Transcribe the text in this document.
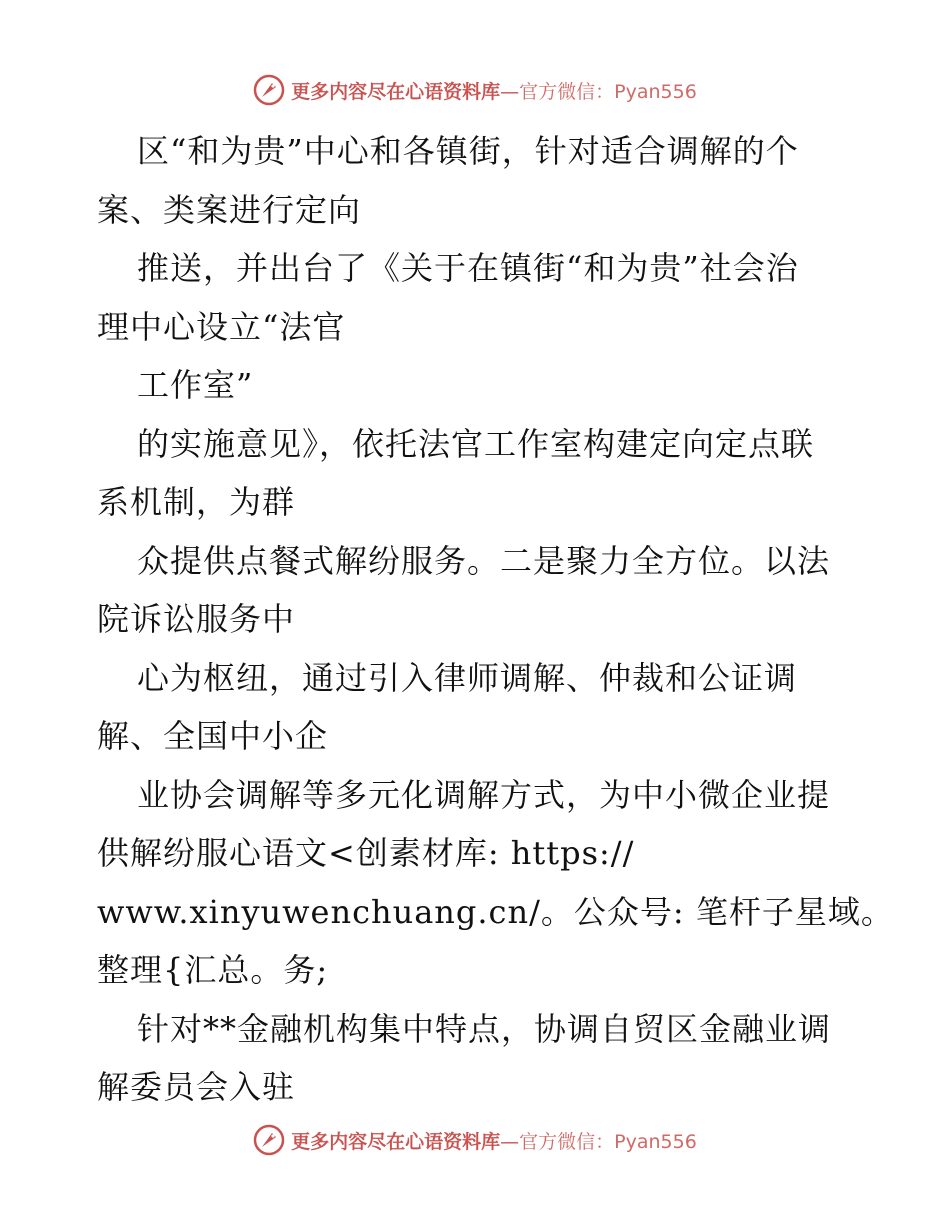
更多内容尽在心语资料库—官方微信：Pyan556
区“和为贵”中心和各镇街，针对适合调解的个
案、类案进行定向
推送，并出台了《关于在镇街“和为贵”社会治
理中心设立“法官
工作室”
的实施意见》，依托法官工作室构建定向定点联
系机制，为群
众提供点餐式解纷服务。二是聚力全方位。以法
院诉讼服务中
心为枢纽，通过引入律师调解、仲裁和公证调
解、全国中小企
业协会调解等多元化调解方式，为中小微企业提
供解纷服心语文<创素材库: https://
www.xinyuwenchuang.cn/。公众号: 笔杆子星域。
整理{汇总。务;
针对**金融机构集中特点，协调自贸区金融业调
解委员会入驻
更多内容尽在心语资料库—官方微信：Pyan556
